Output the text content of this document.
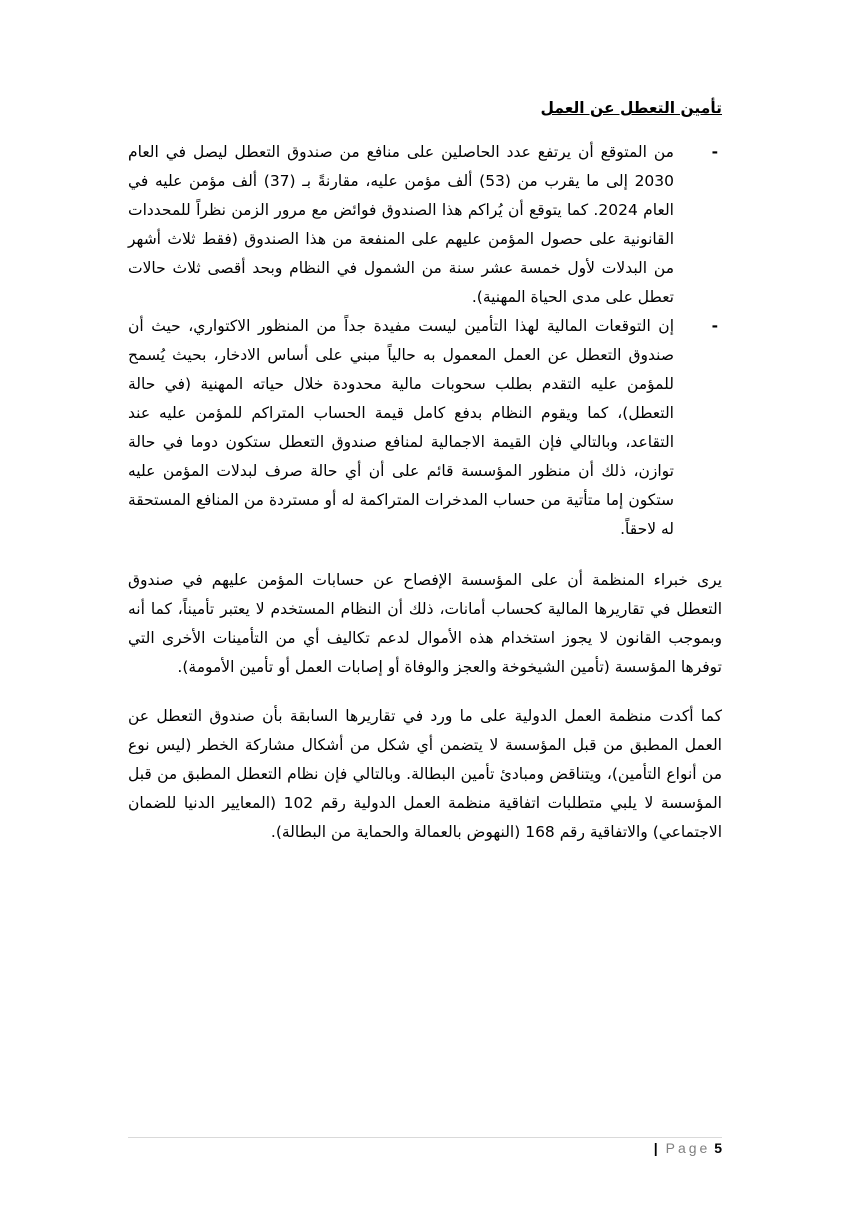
تأمين التعطل عن العمل
-
من المتوقع أن يرتفع عدد الحاصلين على منافع من صندوق التعطل ليصل في العام 2030 إلى ما يقرب من (53) ألف مؤمن عليه، مقارنةً بـ (37) ألف مؤمن عليه في العام 2024. كما يتوقع أن يُراكم هذا الصندوق فوائض مع مرور الزمن نظراً للمحددات القانونية على حصول المؤمن عليهم على المنفعة من هذا الصندوق (فقط ثلاث أشهر من البدلات لأول خمسة عشر سنة من الشمول في النظام وبحد أقصى ثلاث حالات تعطل على مدى الحياة المهنية).
-
إن التوقعات المالية لهذا التأمين ليست مفيدة جداً من المنظور الاكتواري، حيث أن صندوق التعطل عن العمل المعمول به حالياً مبني على أساس الادخار، بحيث يُسمح للمؤمن عليه التقدم بطلب سحوبات مالية محدودة خلال حياته المهنية (في حالة التعطل)، كما ويقوم النظام بدفع كامل قيمة الحساب المتراكم للمؤمن عليه عند التقاعد، وبالتالي فإن القيمة الاجمالية لمنافع صندوق التعطل ستكون دوما في حالة توازن، ذلك أن منظور المؤسسة قائم على أن أي حالة صرف لبدلات المؤمن عليه ستكون إما متأتية من حساب المدخرات المتراكمة له أو مستردة من المنافع المستحقة له لاحقاً.

يرى خبراء المنظمة أن على المؤسسة الإفصاح عن حسابات المؤمن عليهم في صندوق التعطل في تقاريرها المالية كحساب أمانات، ذلك أن النظام المستخدم لا يعتبر تأميناً، كما أنه وبموجب القانون لا يجوز استخدام هذه الأموال لدعم تكاليف أي من التأمينات الأخرى التي توفرها المؤسسة (تأمين الشيخوخة والعجز والوفاة أو إصابات العمل أو تأمين الأمومة).

كما أكدت منظمة العمل الدولية على ما ورد في تقاريرها السابقة بأن صندوق التعطل عن العمل المطبق من قبل المؤسسة لا يتضمن أي شكل من أشكال مشاركة الخطر (ليس نوع من أنواع التأمين)، ويتناقض ومبادئ تأمين البطالة. وبالتالي فإن نظام التعطل المطبق من قبل المؤسسة لا يلبي متطلبات اتفاقية منظمة العمل الدولية رقم 102 (المعايير الدنيا للضمان الاجتماعي) والاتفاقية رقم 168 (النهوض بالعمالة والحماية من البطالة).

| Page 5
